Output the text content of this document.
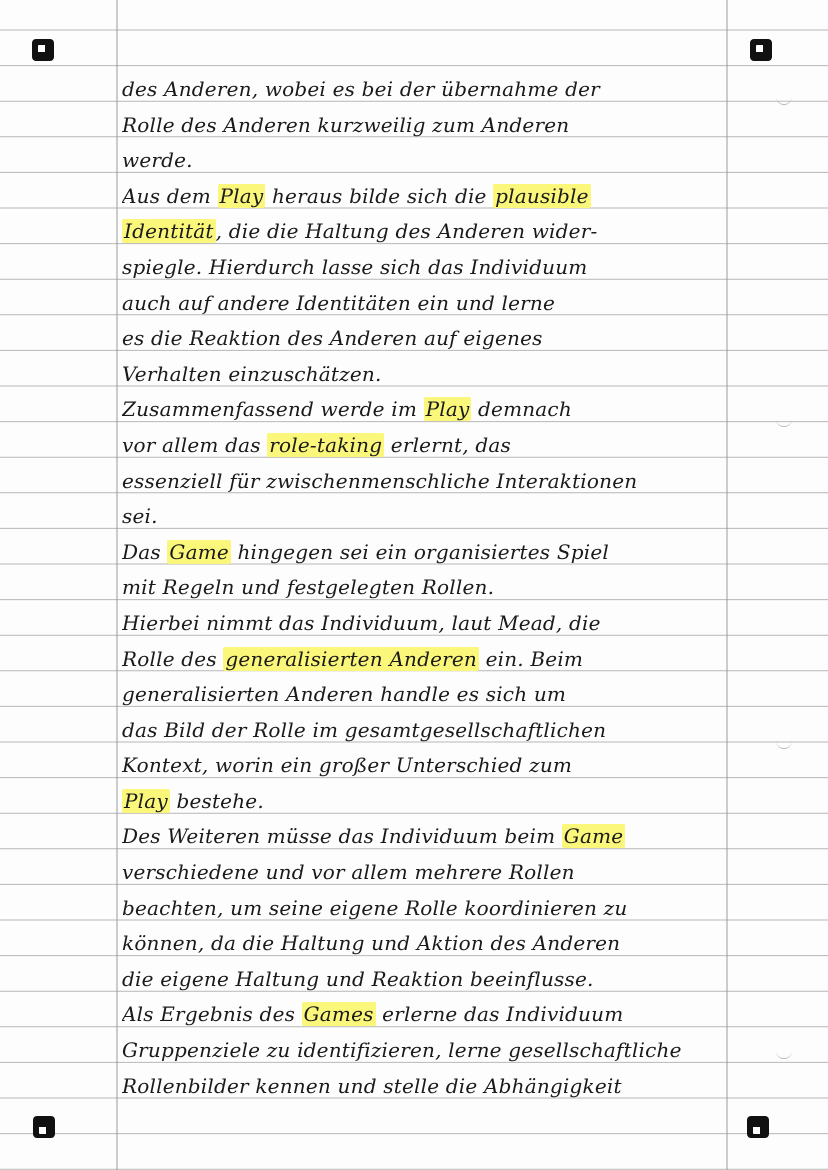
des Anderen, wobei es bei der übernahme der
Rolle des Anderen kurzweilig zum Anderen
werde.
Aus dem Play heraus bilde sich die plausible
Identität , die die Haltung des Anderen wider-
spiegle. Hierdurch lasse sich das Individuum
auch auf andere Identitäten ein und lerne
es die Reaktion des Anderen auf eigenes
Verhalten einzuschätzen.
Zusammenfassend werde im Play demnach
vor allem das role-taking erlernt, das
essenziell für zwischenmenschliche Interaktionen
sei.
Das Game hingegen sei ein organisiertes Spiel
mit Regeln und festgelegten Rollen.
Hierbei nimmt das Individuum, laut Mead, die
Rolle des generalisierten Anderen ein. Beim
generalisierten Anderen handle es sich um
das Bild der Rolle im gesamtgesellschaftlichen
Kontext, worin ein großer Unterschied zum
Play bestehe.
Des Weiteren müsse das Individuum beim Game
verschiedene und vor allem mehrere Rollen
beachten, um seine eigene Rolle koordinieren zu
können, da die Haltung und Aktion des Anderen
die eigene Haltung und Reaktion beeinflusse.
Als Ergebnis des Games erlerne das Individuum
Gruppenziele zu identifizieren, lerne gesellschaftliche
Rollenbilder kennen und stelle die Abhängigkeit
